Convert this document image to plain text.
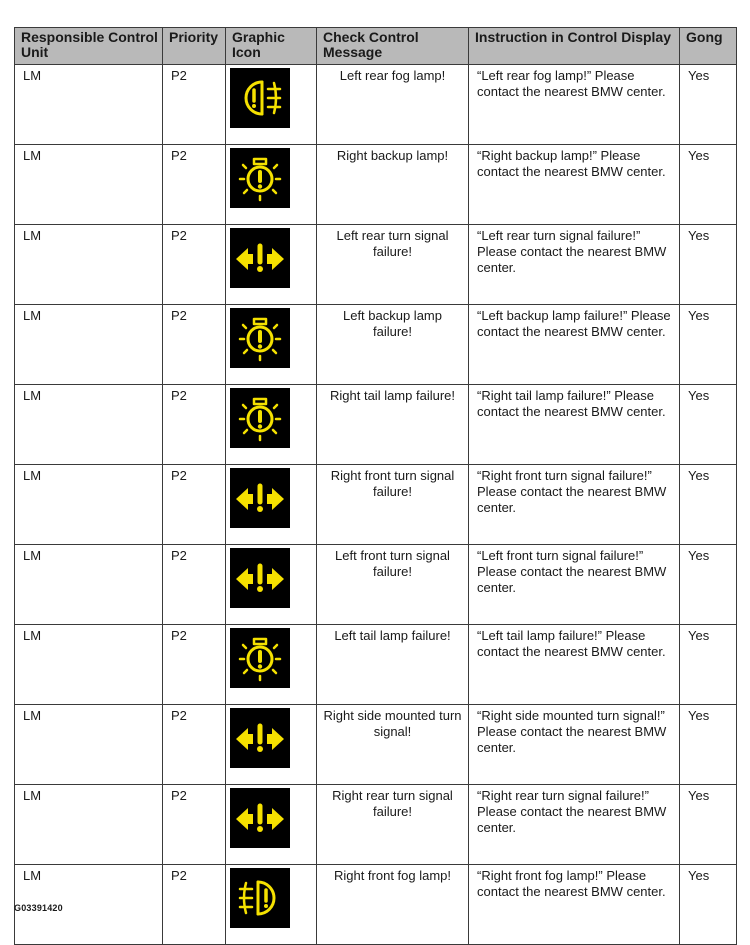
Responsible Control Unit	Priority	Graphic Icon	Check Control Message	Instruction in Control Display	Gong
LM	P2		Left rear fog lamp!	“Left rear fog lamp!” Please contact the nearest BMW center.	Yes
LM	P2		Right backup lamp!	“Right backup lamp!” Please contact the nearest BMW center.	Yes
LM	P2		Left rear turn signal failure!	“Left rear turn signal failure!” Please contact the nearest BMW center.	Yes
LM	P2		Left backup lamp failure!	“Left backup lamp failure!” Please contact the nearest BMW center.	Yes
LM	P2		Right tail lamp failure!	“Right tail lamp failure!” Please contact the nearest BMW center.	Yes
LM	P2		Right front turn signal failure!	“Right front turn signal failure!” Please contact the nearest BMW center.	Yes
LM	P2		Left front turn signal failure!	“Left front turn signal failure!” Please contact the nearest BMW center.	Yes
LM	P2		Left tail lamp failure!	“Left tail lamp failure!” Please contact the nearest BMW center.	Yes
LM	P2		Right side mounted turn signal!	“Right side mounted turn signal!” Please contact the nearest BMW center.	Yes
LM	P2		Right rear turn signal failure!	“Right rear turn signal failure!” Please contact the nearest BMW center.	Yes
LM	P2		Right front fog lamp!	“Right front fog lamp!” Please contact the nearest BMW center.	Yes
G03391420
